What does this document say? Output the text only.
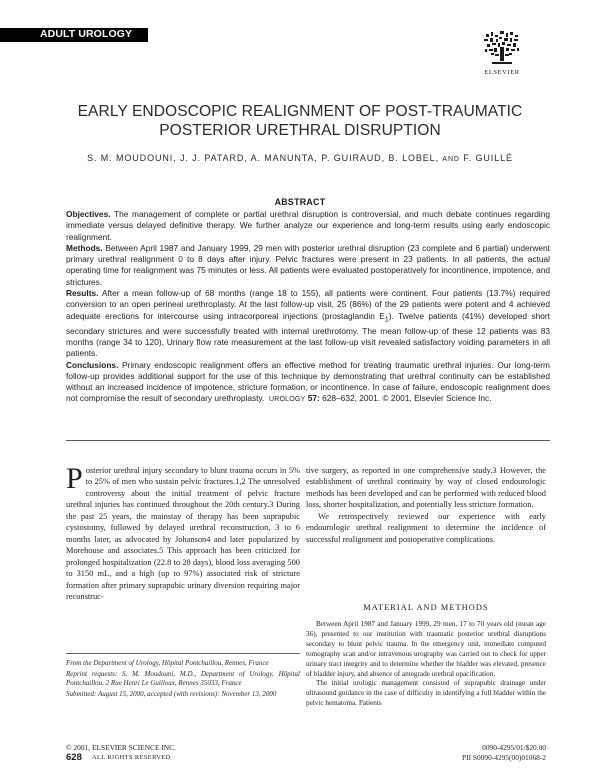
ADULT UROLOGY
ELSEVIER
EARLY ENDOSCOPIC REALIGNMENT OF POST-TRAUMATIC
POSTERIOR URETHRAL DISRUPTION
S. M. MOUDOUNI, J. J. PATARD, A. MANUNTA, P. GUIRAUD, B. LOBEL, AND F. GUILLÉ
ABSTRACT

Objectives. The management of complete or partial urethral disruption is controversial, and much debate continues regarding immediate versus delayed definitive therapy. We further analyze our experience and long-term results using early endoscopic realignment.

Methods. Between April 1987 and January 1999, 29 men with posterior urethral disruption (23 complete and 6 partial) underwent primary urethral realignment 0 to 8 days after injury. Pelvic fractures were present in 23 patients. In all patients, the actual operating time for realignment was 75 minutes or less. All patients were evaluated postoperatively for incontinence, impotence, and strictures.

Results. After a mean follow-up of 68 months (range 18 to 155), all patients were continent. Four patients (13.7%) required conversion to an open perineal urethroplasty. At the last follow-up visit, 25 (86%) of the 29 patients were potent and 4 achieved adequate erections for intercourse using intracorporeal injections (prostaglandin $E_1$). Twelve patients (41%) developed short secondary strictures and were successfully treated with internal urethrotomy. The mean follow-up of these 12 patients was 83 months (range 34 to 120). Urinary flow rate measurement at the last follow-up visit revealed satisfactory voiding parameters in all patients.

Conclusions. Primary endoscopic realignment offers an effective method for treating traumatic urethral injuries. Our long-term follow-up provides additional support for the use of this technique by demonstrating that urethral continuity can be established without an increased incidence of impotence, stricture formation, or incontinence. In case of failure, endoscopic realignment does not compromise the result of secondary urethroplasty. UROLOGY 57: 628–632, 2001. © 2001, Elsevier Science Inc.

Posterior urethral injury secondary to blunt trauma occurs in 5% to 25% of men who sustain pelvic fractures.1,2 The unresolved controversy about the initial treatment of pelvic fracture urethral injuries has continued throughout the 20th century.3 During the past 25 years, the mainstay of therapy has been suprapubic cystostomy, followed by delayed urethral reconstruction, 3 to 6 months later, as advocated by Johanson4 and later popularized by Morehouse and associates.5 This approach has been criticized for prolonged hospitalization (22.8 to 28 days), blood loss averaging 500 to 3150 mL, and a high (up to 97%) associated risk of stricture formation after primary suprapubic urinary diversion requiring major reconstruc-

tive surgery, as reported in one comprehensive study.3 However, the establishment of urethral continuity by way of closed endourologic methods has been developed and can be performed with reduced blood loss, shorter hospitalization, and potentially less stricture formation.

We retrospectively reviewed our experience with early endourologic urethral realignment to determine the incidence of successful realignment and postoperative complications.

MATERIAL AND METHODS

Between April 1987 and January 1999, 29 men, 17 to 70 years old (mean age 36), presented to our institution with traumatic posterior urethral disruptions secondary to blunt pelvic trauma. In the emergency unit, immediate computed tomography scan and/or intravenous urography was carried out to check for upper urinary tract integrity and to determine whether the bladder was elevated, presence of bladder injury, and absence of antegrade urethral opacification.

The initial urologic management consisted of suprapubic drainage under ultrasound guidance in the case of difficulty in identifying a full bladder within the pelvic hematoma. Patients

From the Department of Urology, Hôpital Pontchaillou, Rennes, France

Reprint requests: S. M. Moudouni, M.D., Department of Urology, Hôpital Pontchaillou, 2 Rue Henri Le Guilloux, Rennes 35033, France

Submitted: August 15, 2000, accepted (with revisions): November 13, 2000

© 2001, ELSEVIER SCIENCE INC.
628 ALL RIGHTS RESERVED
0090-4295/01/$20.00
PII S0090-4295(00)01068-2
